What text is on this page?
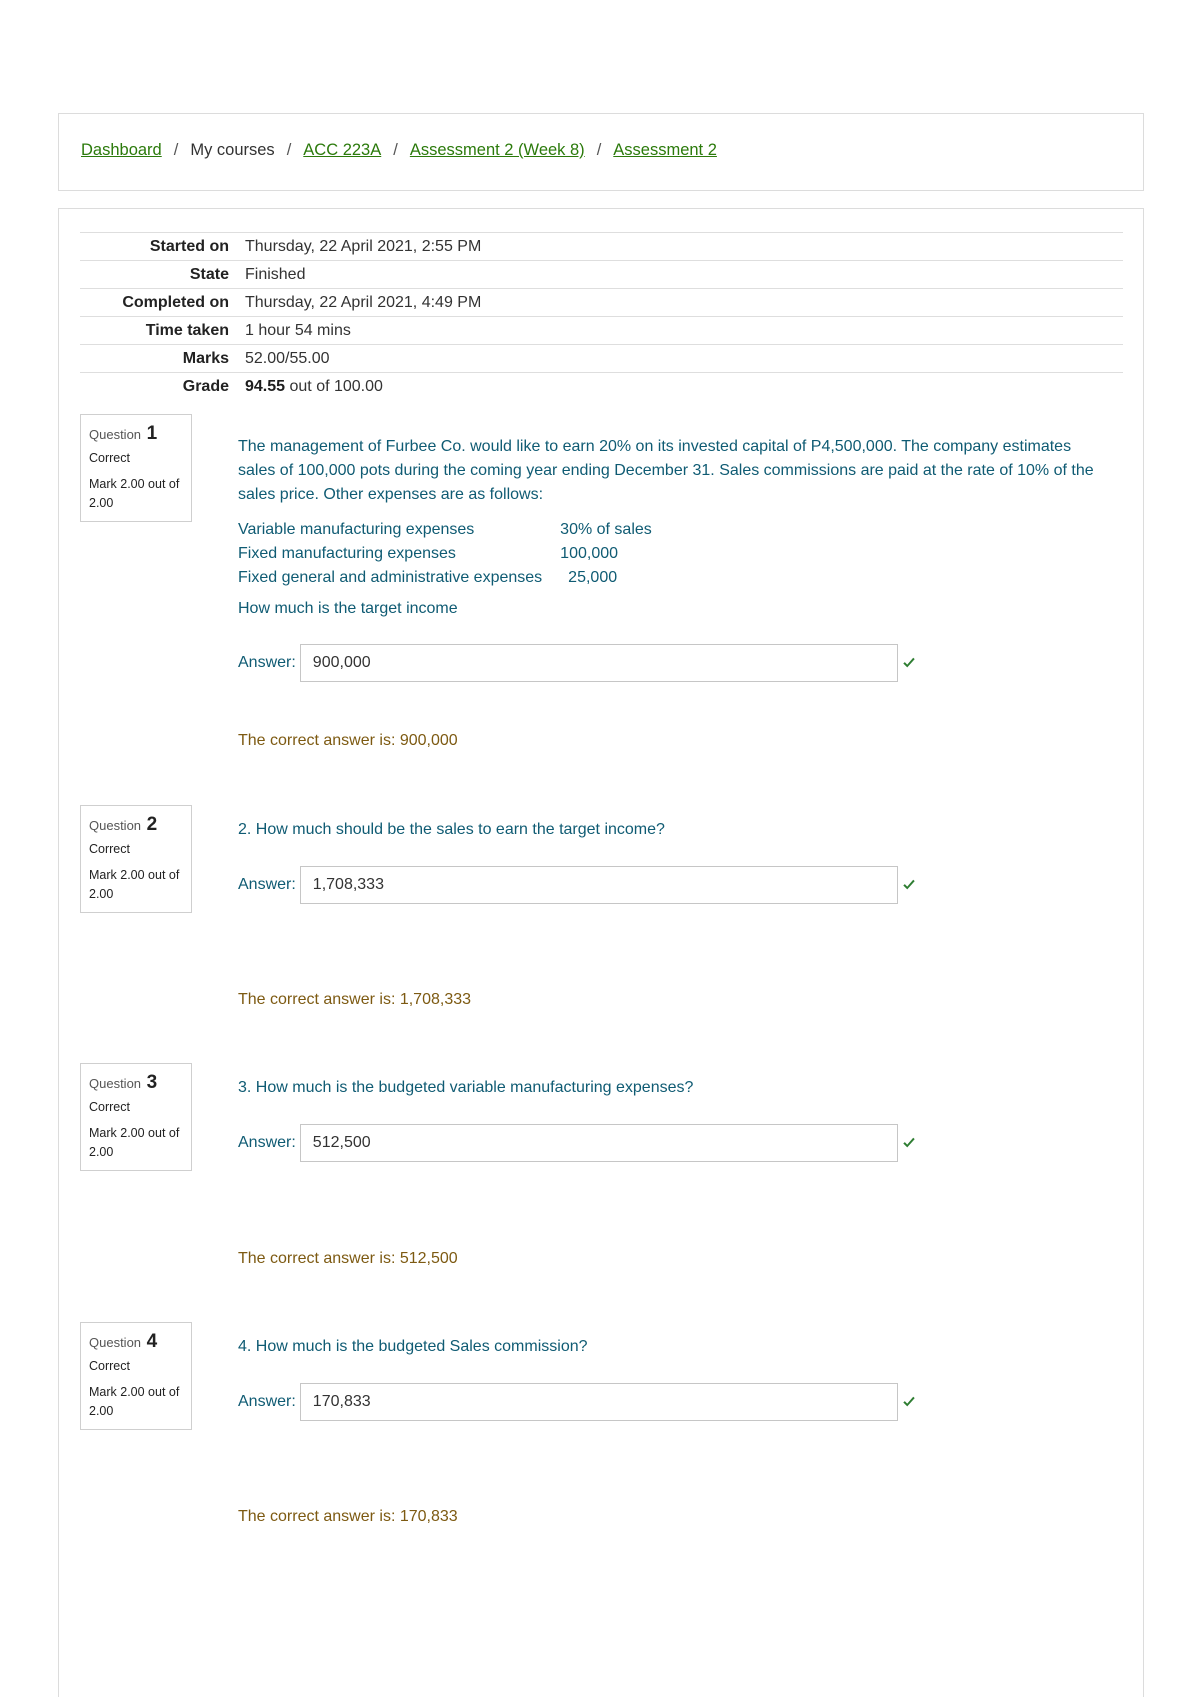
Dashboard / My courses / ACC 223A / Assessment 2 (Week 8) / Assessment 2
Started on	Thursday, 22 April 2021, 2:55 PM
State	Finished
Completed on	Thursday, 22 April 2021, 4:49 PM
Time taken	1 hour 54 mins
Marks	52.00/55.00
Grade	94.55 out of 100.00
Question 1
Correct
Mark 2.00 out of 2.00
The management of Furbee Co. would like to earn 20% on its invested capital of P4,500,000. The company estimates sales of 100,000 pots during the coming year ending December 31. Sales commissions are paid at the rate of 10% of the sales price. Other expenses are as follows:
Variable manufacturing expenses	30% of sales
Fixed manufacturing expenses	100,000
Fixed general and administrative expenses	25,000
How much is the target income
Answer:	900,000
The correct answer is: 900,000
Question 2
Correct
Mark 2.00 out of 2.00
2. How much should be the sales to earn the target income?
Answer:	1,708,333
The correct answer is: 1,708,333
Question 3
Correct
Mark 2.00 out of 2.00
3. How much is the budgeted variable manufacturing expenses?
Answer:	512,500
The correct answer is: 512,500
Question 4
Correct
Mark 2.00 out of 2.00
4. How much is the budgeted Sales commission?
Answer:	170,833
The correct answer is: 170,833
